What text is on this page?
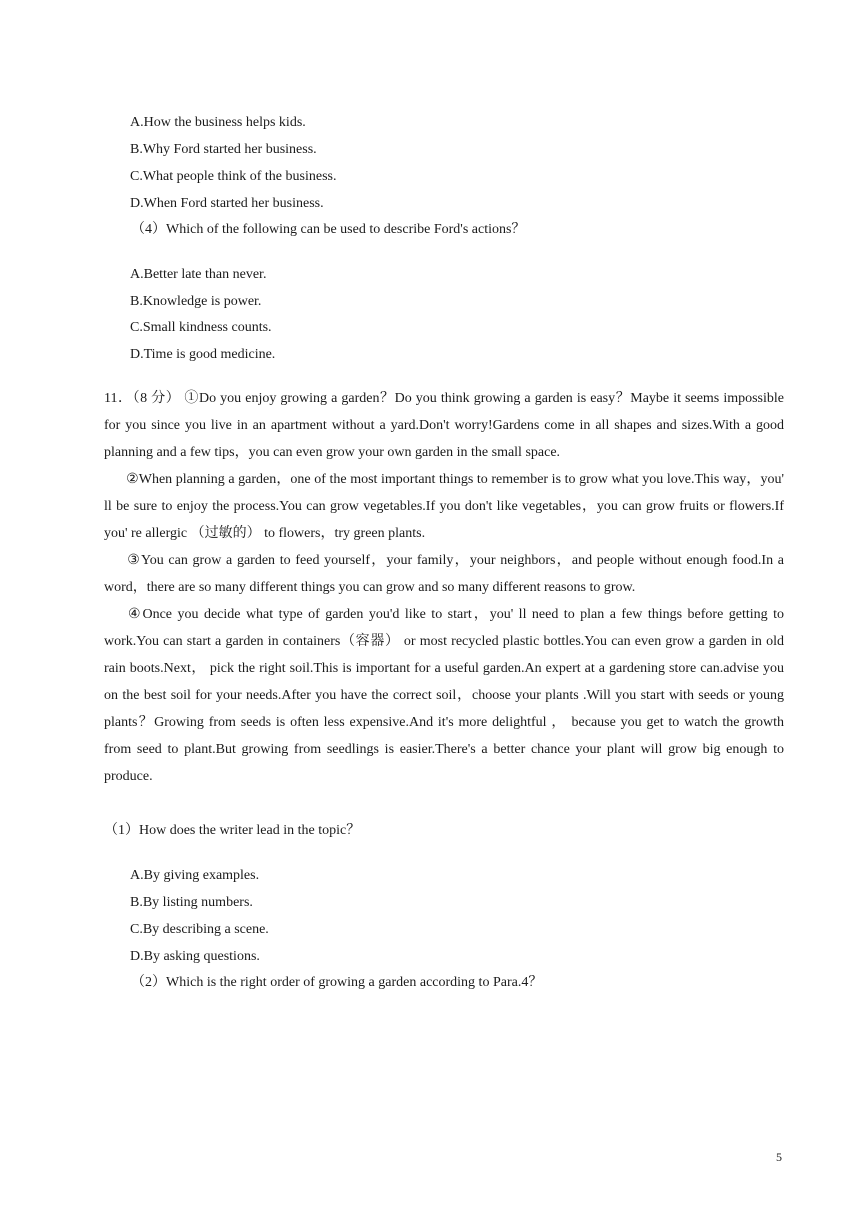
A.How the business helps kids.
B.Why Ford started her business.
C.What people think of the business.
D.When Ford started her business.
（4）Which of the following can be used to describe Ford's actions？
A.Better late than never.
B.Knowledge is power.
C.Small kindness counts.
D.Time is good medicine.
11．（8 分） ①Do you enjoy growing a garden？Do you think growing a garden is easy？Maybe it seems impossible for you since you live in an apartment without a yard.Don't worry!Gardens come in all shapes and sizes.With a good planning and a few tips，you can even grow your own garden in the small space.
②When planning a garden，one of the most important things to remember is to grow what you love.This way，you' ll be sure to enjoy the process.You can grow vegetables.If you don't like vegetables，you can grow fruits or flowers.If you' re allergic （过敏的） to flowers，try green plants.
③You can grow a garden to feed yourself，your family，your neighbors，and people without enough food.In a word，there are so many different things you can grow and so many different reasons to grow.
④Once you decide what type of garden you'd like to start，you' ll need to plan a few things before getting to work.You can start a garden in containers（容器） or most recycled plastic bottles.You can even grow a garden in old rain boots.Next， pick the right soil.This is important for a useful garden.An expert at a gardening store can.advise you on the best soil for your needs.After you have the correct soil，choose your plants .Will you start with seeds or young plants？Growing from seeds is often less expensive.And it's more delightful ， because you get to watch the growth from seed to plant.But growing from seedlings is easier.There's a better chance your plant will grow big enough to produce.
（1）How does the writer lead in the topic？
A.By giving examples.
B.By listing numbers.
C.By describing a scene.
D.By asking questions.
（2）Which is the right order of growing a garden according to Para.4？
5
